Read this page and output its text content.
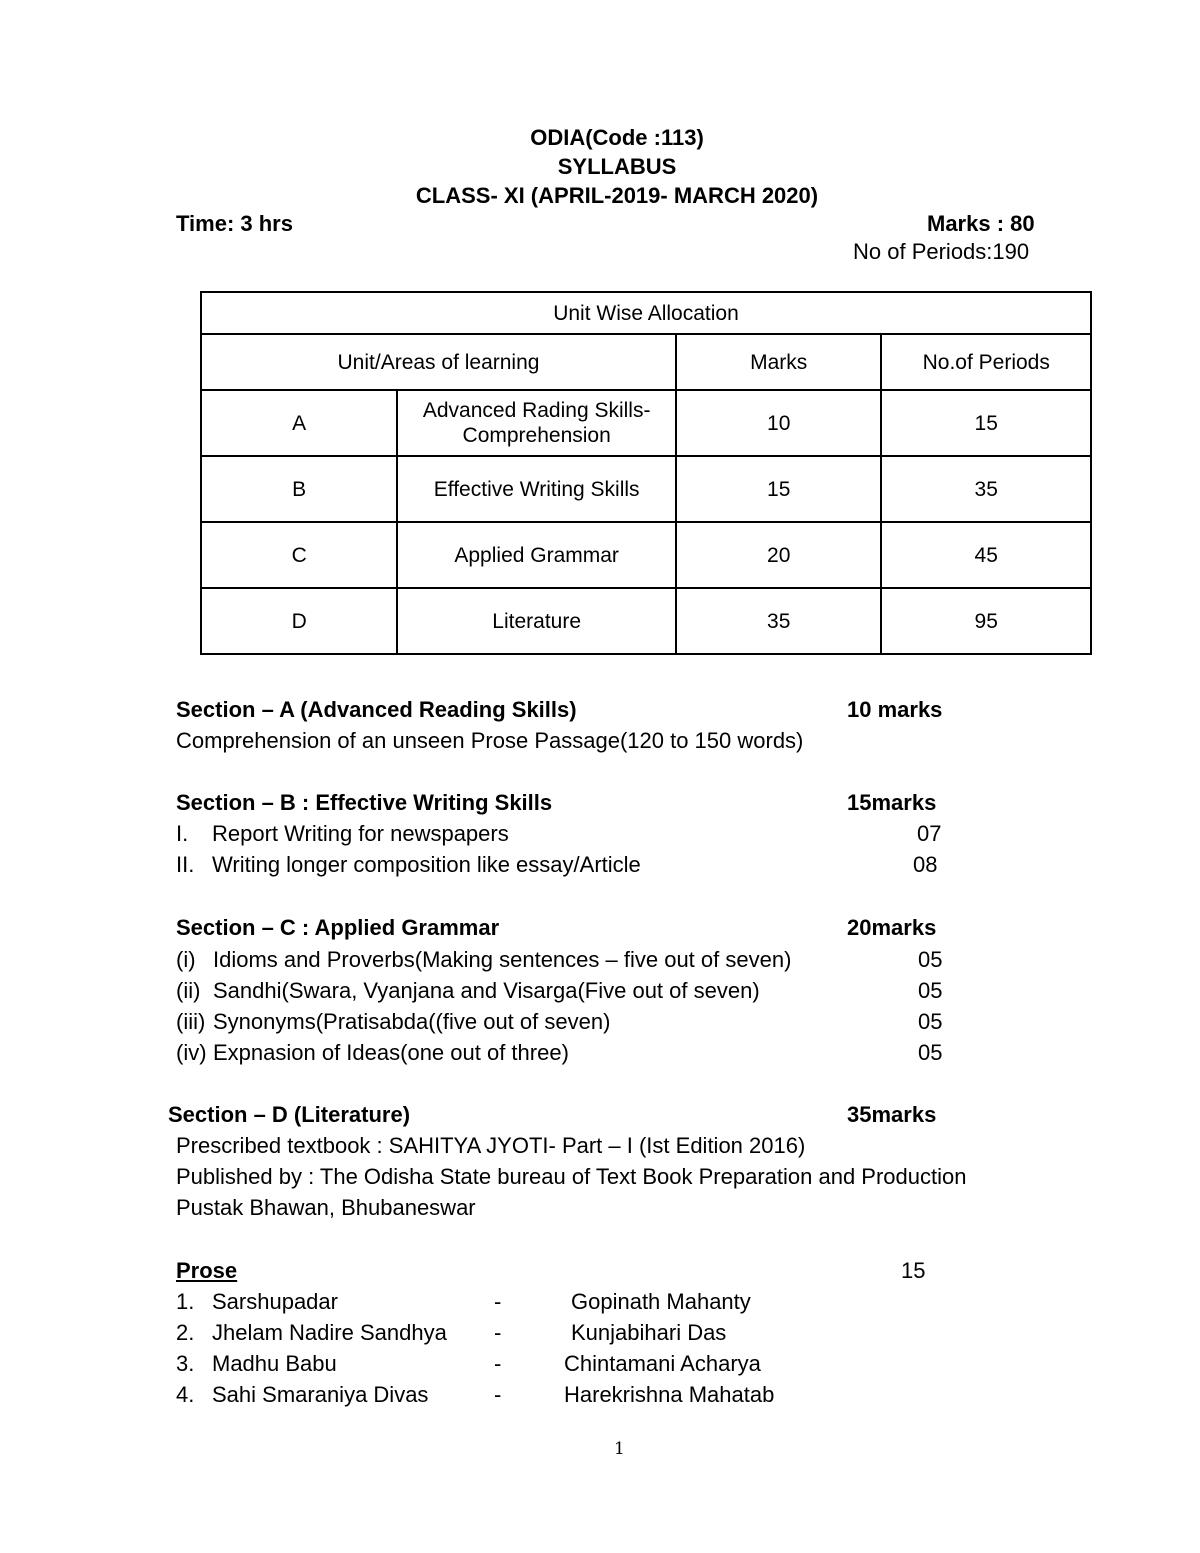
ODIA(Code :113)
SYLLABUS
CLASS- XI (APRIL-2019- MARCH 2020)
Time: 3 hrs	Marks : 80
No of Periods:190
Unit Wise Allocation			
Unit/Areas of learning		Marks	No.of Periods
A	Advanced Rading Skills- Comprehension	10	15
B	Effective Writing Skills	15	35
C	Applied Grammar	20	45
D	Literature	35	95
Section – A (Advanced Reading Skills)	10 marks
Comprehension of an unseen Prose Passage(120 to 150 words)
Section – B : Effective Writing Skills	15marks
I. Report Writing for newspapers	07
II. Writing longer composition like essay/Article	08
Section – C : Applied Grammar	20marks
(i) Idioms and Proverbs(Making sentences – five out of seven)	05
(ii) Sandhi(Swara, Vyanjana and Visarga(Five out of seven)	05
(iii) Synonyms(Pratisabda((five out of seven)	05
(iv) Expnasion of Ideas(one out of three)	05
Section – D (Literature)	35marks
Prescribed textbook : SAHITYA JYOTI- Part – I (Ist Edition 2016)
Published by : The Odisha State bureau of Text Book Preparation and Production
Pustak Bhawan, Bhubaneswar
Prose	15
1. Sarshupadar	-	Gopinath Mahanty
2. Jhelam Nadire Sandhya -	Kunjabihari Das
3. Madhu Babu	-	Chintamani Acharya
4. Sahi Smaraniya Divas	-	Harekrishna Mahatab
1
